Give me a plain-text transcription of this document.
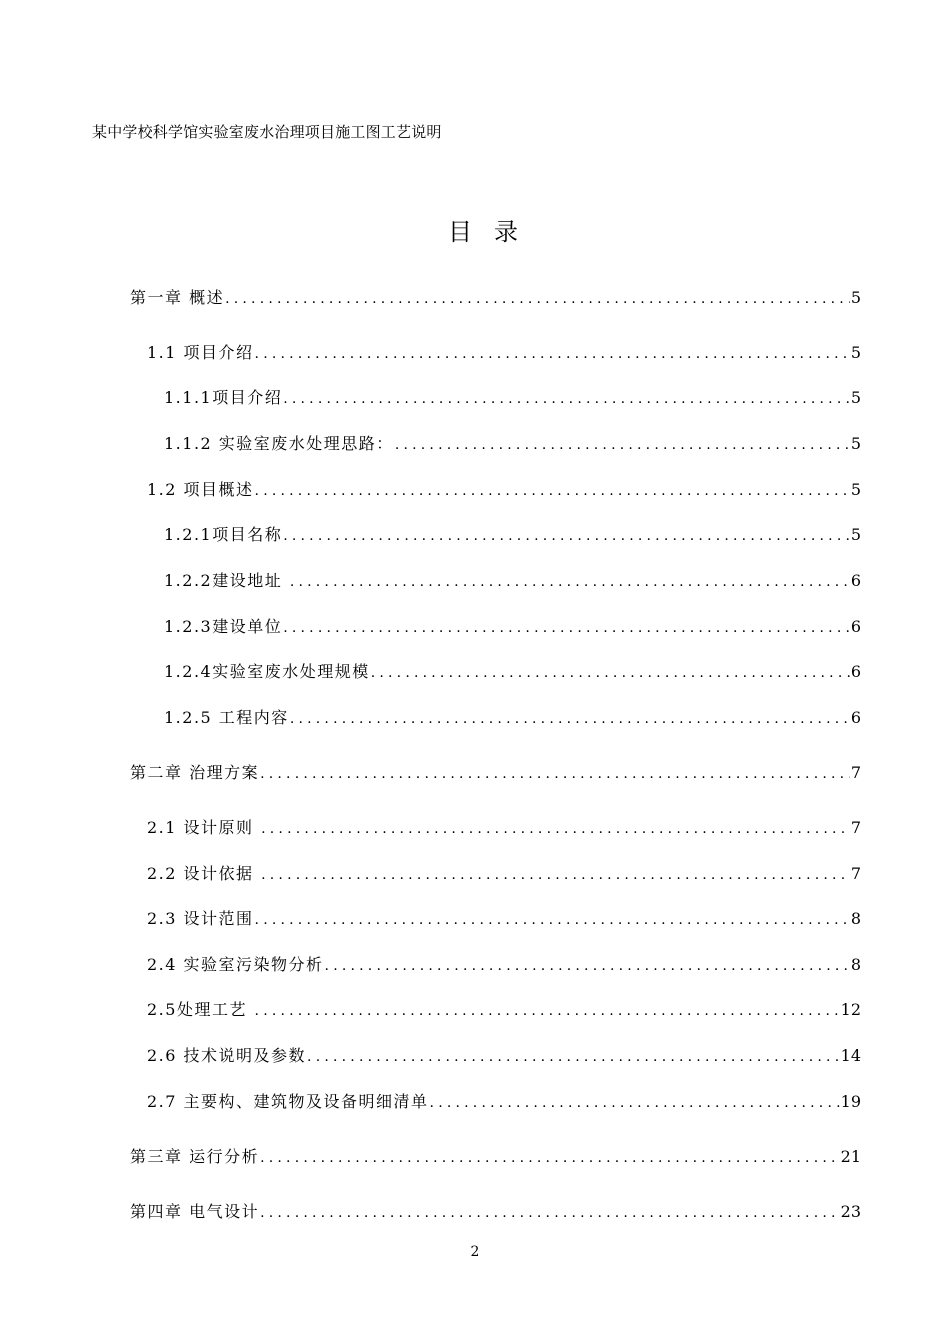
某中学校科学馆实验室废水治理项目施工图工艺说明
目录
第一章 概述 .....	5
1.1 项目介绍 .....	5
1.1.1项目介绍 .....	5
1.1.2 实验室废水处理思路： .....	5
1.2 项目概述 .....	5
1.2.1项目名称 .....	5
1.2.2建设地址 .....	6
1.2.3建设单位 .....	6
1.2.4实验室废水处理规模 .....	6
1.2.5 工程内容 .....	6
第二章 治理方案 .....	7
2.1 设计原则 .....	7
2.2 设计依据 .....	7
2.3 设计范围 .....	8
2.4 实验室污染物分析 .....	8
2.5处理工艺 .....	12
2.6 技术说明及参数 .....	14
2.7 主要构、建筑物及设备明细清单 .....	19
第三章 运行分析 .....	21
第四章 电气设计 .....	23
2
